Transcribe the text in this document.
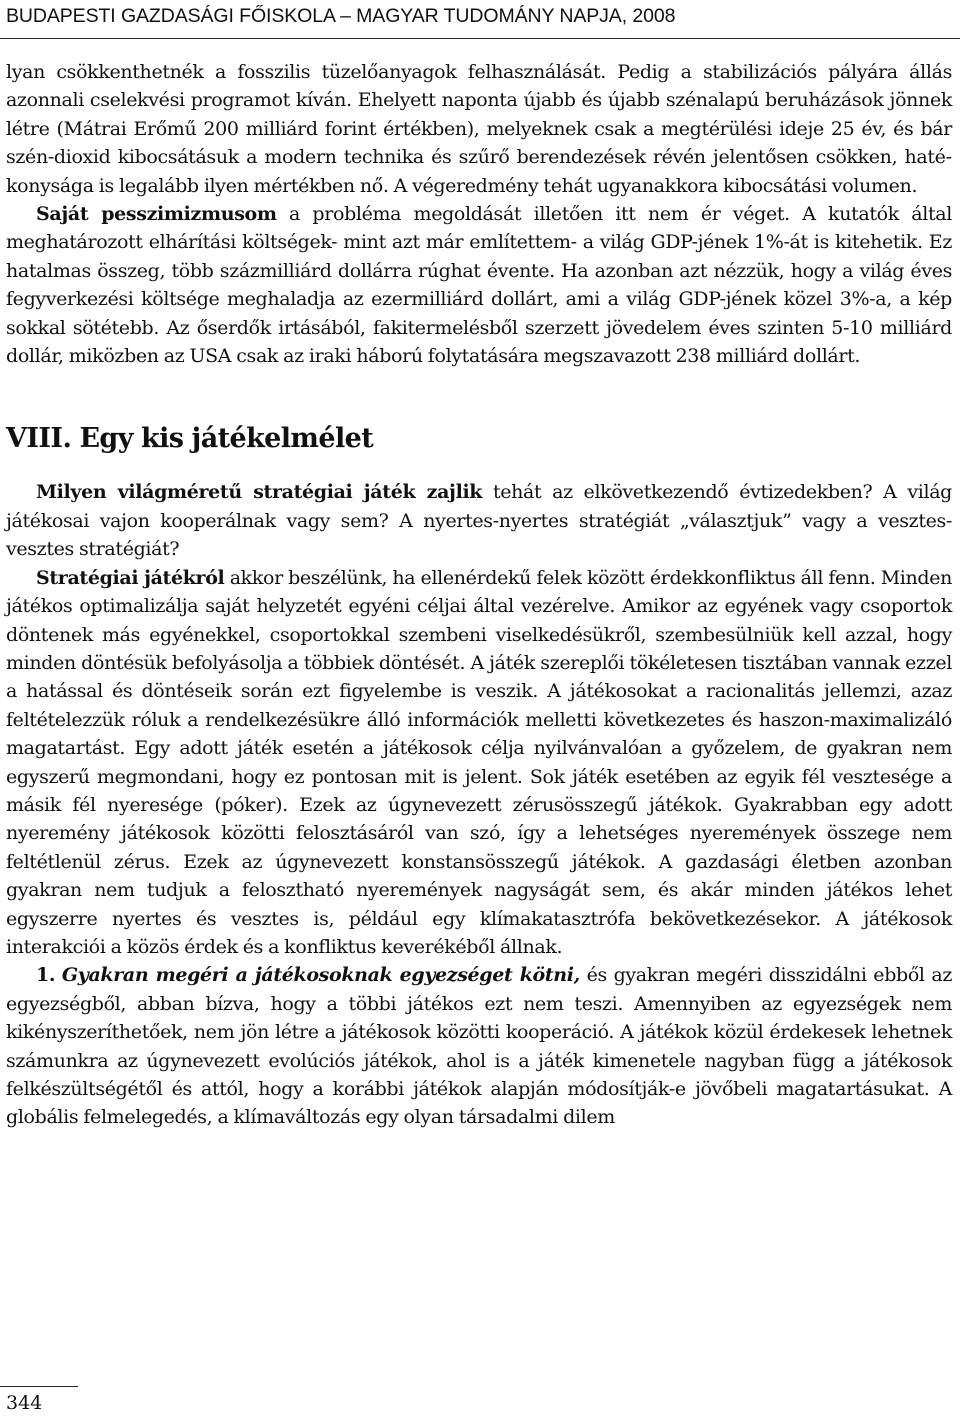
BUDAPESTI GAZDASÁGI FŐISKOLA – MAGYAR TUDOMÁNY NAPJA, 2008

lyan csökkenthetnék a fosszilis tüzelőanyagok felhasználását. Pedig a stabilizációs pályára állás azonnali cselekvési programot kíván. Ehelyett naponta újabb és újabb szénalapú beruházások jönnek létre (Mátrai Erőmű 200 milliárd forint értékben), melyeknek csak a megtérülési ideje 25 év, és bár szén-dioxid kibocsátásuk a modern technika és szűrő berendezések révén jelentősen csökken, hatékonysága is legalább ilyen mértékben nő. A végeredmény tehát ugyanakkora kibocsátási volumen.

Saját pesszimizmusom a probléma megoldását illetően itt nem ér véget. A kutatók által meghatározott elhárítási költségek- mint azt már említettem- a világ GDP-jének 1%-át is kitehetik. Ez hatalmas összeg, több százmilliárd dollárra rúghat évente. Ha azonban azt nézzük, hogy a világ éves fegyverkezési költsége meghaladja az ezermilliárd dollárt, ami a világ GDP-jének közel 3%-a, a kép sokkal sötétebb. Az őserdők irtásából, fakitermelésből szerzett jövedelem éves szinten 5-10 milliárd dollár, miközben az USA csak az iraki háború folytatására megszavazott 238 milliárd dollárt.

VIII. Egy kis játékelmélet

Milyen világméretű stratégiai játék zajlik tehát az elkövetkezendő évtizedekben? A világ játékosai vajon kooperálnak vagy sem? A nyertes-nyertes stratégiát „választjuk” vagy a vesztes-vesztes stratégiát?

Stratégiai játékról akkor beszélünk, ha ellenérdekű felek között érdekkonfliktus áll fenn. Minden játékos optimalizálja saját helyzetét egyéni céljai által vezérelve. Amikor az egyének vagy csoportok döntenek más egyénekkel, csoportokkal szembeni viselkedésükről, szembesülniük kell azzal, hogy minden döntésük befolyásolja a többiek döntését. A játék szereplői tökéletesen tisztában vannak ezzel a hatással és döntéseik során ezt figyelembe is veszik. A játékosokat a racionalitás jellemzi, azaz feltételezzük róluk a rendelkezésükre álló információk melletti következetes és haszon-maximalizáló magatartást. Egy adott játék esetén a játékosok célja nyilvánvalóan a győzelem, de gyakran nem egyszerű megmondani, hogy ez pontosan mit is jelent. Sok játék esetében az egyik fél vesztesége a másik fél nyeresége (póker). Ezek az úgynevezett zérusösszegű játékok. Gyakrabban egy adott nyeremény játékosok közötti felosztásáról van szó, így a lehetséges nyeremények összege nem feltétlenül zérus. Ezek az úgynevezett konstansösszegű játékok. A gazdasági életben azonban gyakran nem tudjuk a felosztható nyeremények nagyságát sem, és akár minden játékos lehet egyszerre nyertes és vesztes is, például egy klímakatasztrófa bekövetkezésekor. A játékosok interakciói a közös érdek és a konfliktus keverékéből állnak.

1. Gyakran megéri a játékosoknak egyezséget kötni, és gyakran megéri disszidálni ebből az egyezségből, abban bízva, hogy a többi játékos ezt nem teszi. Amennyiben az egyezségek nem kikényszeríthetőek, nem jön létre a játékosok közötti kooperáció. A játékok közül érdekesek lehetnek számunkra az úgynevezett evolúciós játékok, ahol is a játék kimenetele nagyban függ a játékosok felkészültségétől és attól, hogy a korábbi játékok alapján módosítják-e jövőbeli magatartásukat. A globális felmelegedés, a klímaváltozás egy olyan társadalmi dilem

344
